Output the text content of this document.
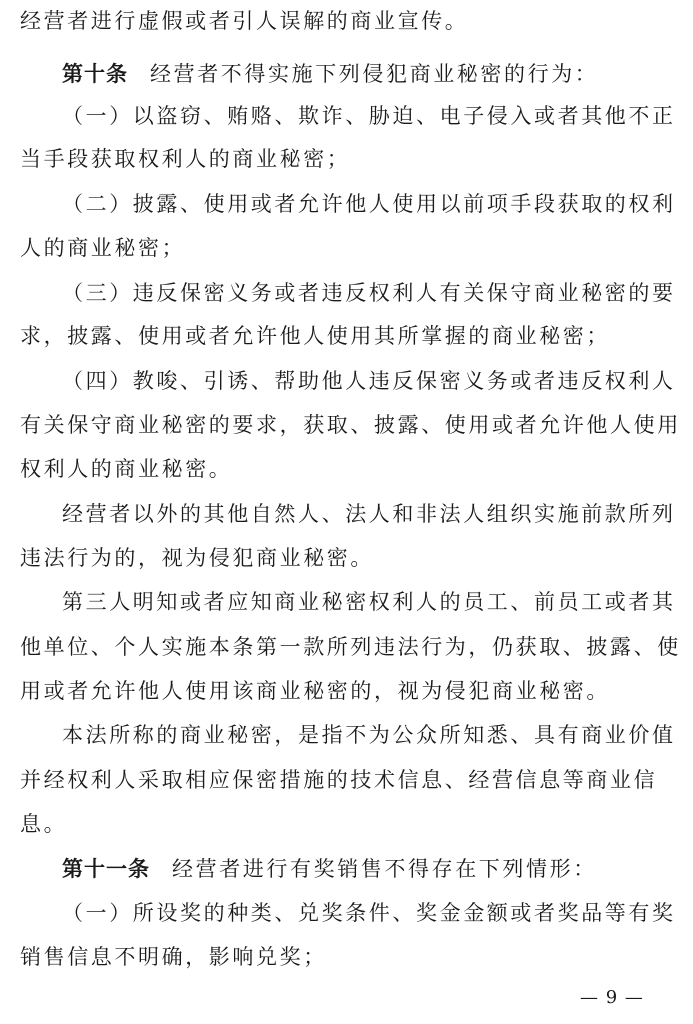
经营者进行虚假或者引人误解的商业宣传。
第十条 经营者不得实施下列侵犯商业秘密的行为：
（一）以盗窃、贿赂、欺诈、胁迫、电子侵入或者其他不正
当手段获取权利人的商业秘密；
（二）披露、使用或者允许他人使用以前项手段获取的权利
人的商业秘密；
（三）违反保密义务或者违反权利人有关保守商业秘密的要
求，披露、使用或者允许他人使用其所掌握的商业秘密；
（四）教唆、引诱、帮助他人违反保密义务或者违反权利人
有关保守商业秘密的要求，获取、披露、使用或者允许他人使用
权利人的商业秘密。
经营者以外的其他自然人、法人和非法人组织实施前款所列
违法行为的，视为侵犯商业秘密。
第三人明知或者应知商业秘密权利人的员工、前员工或者其
他单位、个人实施本条第一款所列违法行为，仍获取、披露、使
用或者允许他人使用该商业秘密的，视为侵犯商业秘密。
本法所称的商业秘密，是指不为公众所知悉、具有商业价值
并经权利人采取相应保密措施的技术信息、经营信息等商业信
息。
第十一条 经营者进行有奖销售不得存在下列情形：
（一）所设奖的种类、兑奖条件、奖金金额或者奖品等有奖
销售信息不明确，影响兑奖；
— 9 —
